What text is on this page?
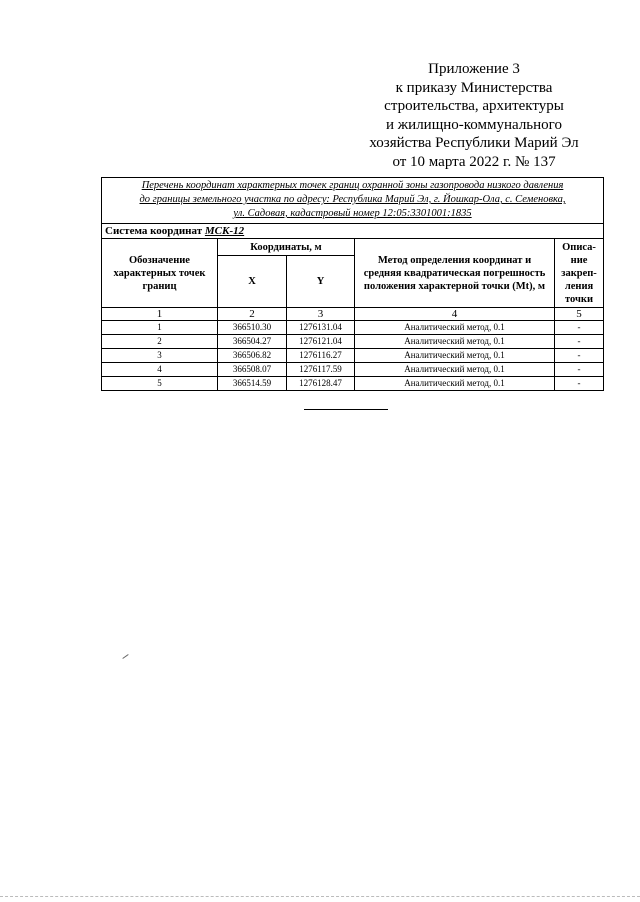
Приложение 3
к приказу Министерства
строительства, архитектуры
и жилищно-коммунального
хозяйства Республики Марий Эл
от 10 марта 2022 г. № 137
Перечень координат характерных точек границ охранной зоны газопровода низкого давления
до границы земельного участка по адресу: Республика Марий Эл, г. Йошкар-Ола, с. Семеновка,
ул. Садовая, кадастровый номер 12:05:3301001:1835				

Система координат МСК-12				
Обозначение характерных точек границ	Координаты, м		Метод определения координат и средняя квадратическая погрешность положения характерной точки (Mt), м	Описа-
ние
закреп-
ления
точки

	X	Y		
1	2	3	4	5
1	366510.30	1276131.04	Аналитический метод, 0.1	-
2	366504.27	1276121.04	Аналитический метод, 0.1	-
3	366506.82	1276116.27	Аналитический метод, 0.1	-
4	366508.07	1276117.59	Аналитический метод, 0.1	-
5	366514.59	1276128.47	Аналитический метод, 0.1	-
